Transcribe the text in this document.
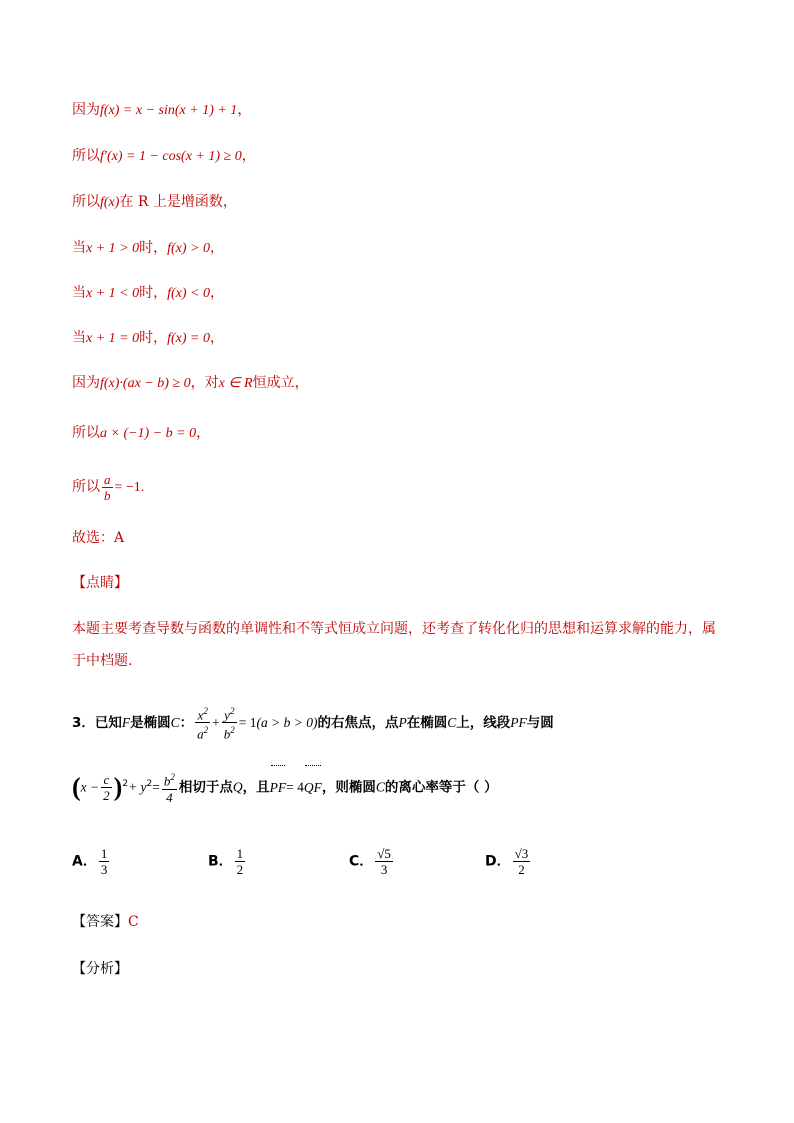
因为f(x) = x − sin(x + 1) + 1，
所以f′(x) = 1 − cos(x + 1) ≥ 0，
所以f(x)在 R 上是增函数，
当x + 1 > 0时，f(x) > 0，
当x + 1 < 0时，f(x) < 0，
当x + 1 = 0时，f(x) = 0，
因为f(x)·(ax − b) ≥ 0，对x ∈ R恒成立，
所以a × (−1) − b = 0，
所以 $\frac{a}{b} = -1$.
故选：A
【点睛】
本题主要考查导数与函数的单调性和不等式恒成立问题，还考查了转化化归的思想和运算求解的能力，属
于中档题.
3．已知F是椭圆C： $\frac{x^2}{a^2} + \frac{y^2}{b^2} = 1(a > b > 0)$的右焦点，点P在椭圆C上，线段PF与圆
$(x - \frac{c}{2} )^2+ y^2= \frac{b^2}{4}$ 相切于点Q，且PF= 4QF，则椭圆C的离心率等于（ ）
A． $\frac{1}{3}$	B． $\frac{1}{2}$	C． $\frac{√5}{3}$	D． $\frac{√3}{2}$
【答案】C
【分析】
